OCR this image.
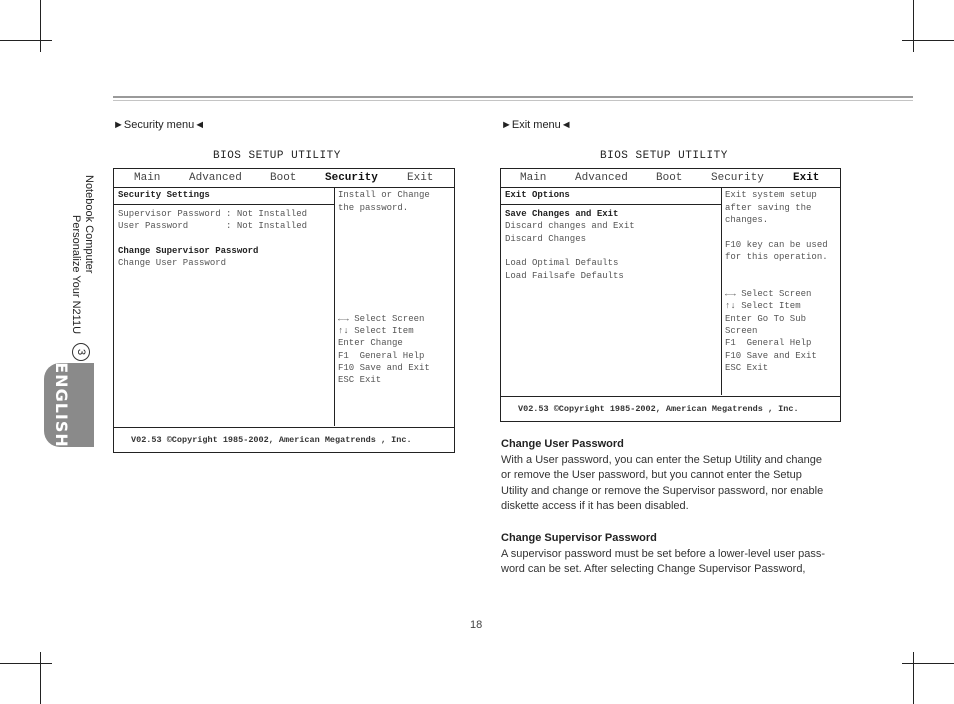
ENGLISH
3
Personalize Your N211U Notebook Computer
►Security menu◄
BIOS SETUP UTILITY
Main	Advanced	Boot	Security	Exit
Security Settings
Supervisor Password : Not Installed
User Password       : Not Installed
Change Supervisor Password
Change User Password
Install or Change
the password.
←→ Select Screen
↑↓ Select Item
Enter Change
F1  General Help
F10 Save and Exit
ESC Exit
V02.53 ©Copyright 1985-2002, American Megatrends , Inc.
►Exit menu◄
BIOS SETUP UTILITY
Main	Advanced	Boot	Security	Exit
Exit Options
Save Changes and Exit
Discard changes and Exit
Discard Changes
Load Optimal Defaults
Load Failsafe Defaults
Exit system setup
after saving the
changes.
F10 key can be used
for this operation.
←→ Select Screen
↑↓ Select Item
Enter Go To Sub
Screen
F1  General Help
F10 Save and Exit
ESC Exit
V02.53 ©Copyright 1985-2002, American Megatrends , Inc.
Change User Password
With a User password, you can enter the Setup Utility and change
or remove the User password, but you cannot enter the Setup
Utility and change or remove the Supervisor password, nor enable
diskette access if it has been disabled.
Change Supervisor Password
A supervisor password must be set before a lower-level user pass-
word can be set. After selecting Change Supervisor Password,
18
